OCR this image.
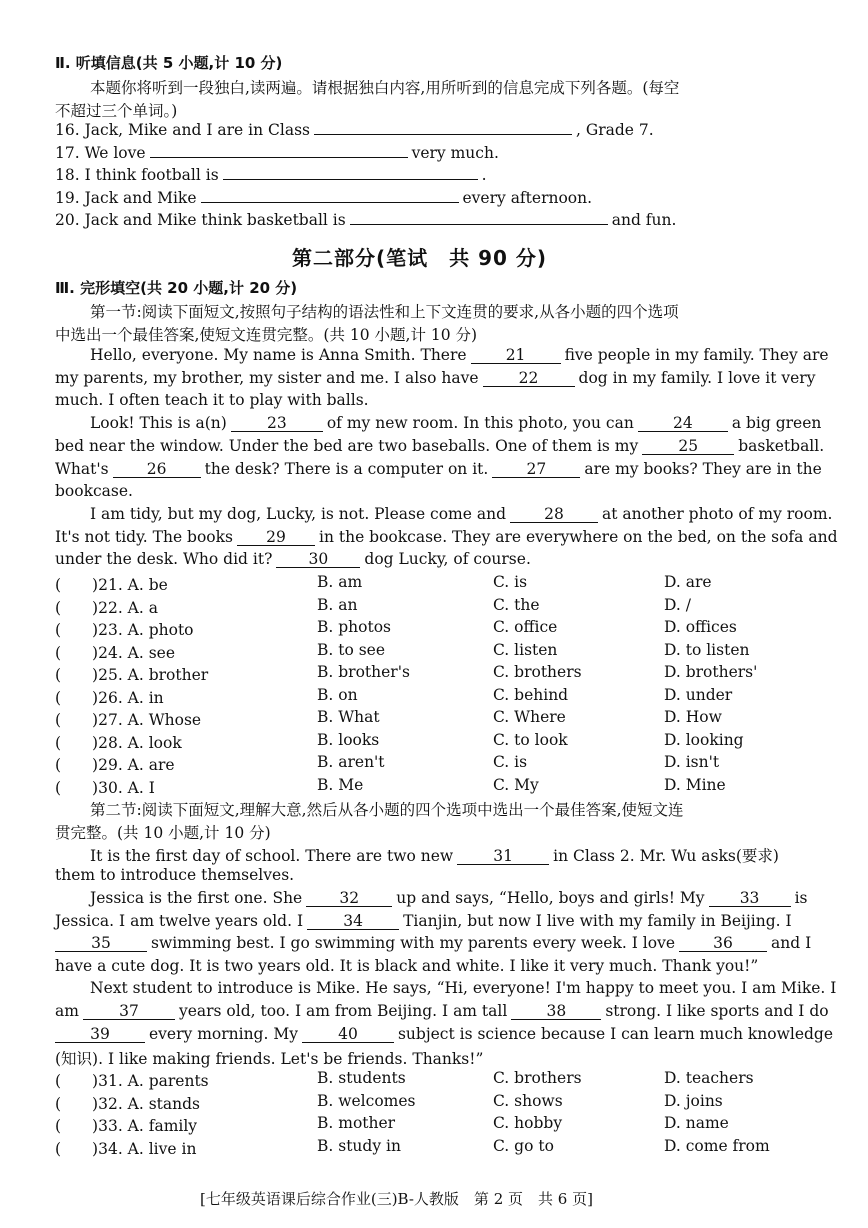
Ⅱ. 听填信息(共 5 小题,计 10 分)
本题你将听到一段独白,读两遍。请根据独白内容,用所听到的信息完成下列各题。(每空
不超过三个单词。)
16. Jack, Mike and I are in Class	, Grade 7.
17. We love	very much.
18. I think football is	.
19. Jack and Mike	every afternoon.
20. Jack and Mike think basketball is	and fun.
第二部分(笔试　共 90 分)
Ⅲ. 完形填空(共 20 小题,计 20 分)
第一节:阅读下面短文,按照句子结构的语法性和上下文连贯的要求,从各小题的四个选项
中选出一个最佳答案,使短文连贯完整。(共 10 小题,计 10 分)
Hello, everyone. My name is Anna Smith. There	21	five people in my family. They are
my parents, my brother, my sister and me. I also have	22	dog in my family. I love it very
much. I often teach it to play with balls.
Look! This is a(n)	23	of my new room. In this photo, you can	24	a big green
bed near the window. Under the bed are two baseballs. One of them is my	25	basketball.
What's 26 the desk? There is a computer on it. 27 are my books? They are in the
bookcase.
I am tidy, but my dog, Lucky, is not. Please come and 28 at another photo of my room.
It's not tidy. The books 29 in the bookcase. They are everywhere on the bed, on the sofa and
under the desk. Who did it? 30 dog Lucky, of course.
(　　)21. A. be	B. am	C. is	D. are
(　　)22. A. a	B. an	C. the	D. /
(　　)23. A. photo	B. photos	C. office	D. offices
(　　)24. A. see	B. to see	C. listen	D. to listen
(　　)25. A. brother	B. brother's	C. brothers	D. brothers'
(　　)26. A. in	B. on	C. behind	D. under
(　　)27. A. Whose	B. What	C. Where	D. How
(　　)28. A. look	B. looks	C. to look	D. looking
(　　)29. A. are	B. aren't	C. is	D. isn't
(　　)30. A. I	B. Me	C. My	D. Mine
第二节:阅读下面短文,理解大意,然后从各小题的四个选项中选出一个最佳答案,使短文连
贯完整。(共 10 小题,计 10 分)
It is the first day of school. There are two new	31	in Class 2. Mr. Wu asks(要求)
them to introduce themselves.
Jessica is the first one. She 32 up and says, “Hello, boys and girls! My 33 is
Jessica. I am twelve years old. I	34	Tianjin, but now I live with my family in Beijing. I
35	swimming best. I go swimming with my parents every week. I love 36 and I
have a cute dog. It is two years old. It is black and white. I like it very much. Thank you!”
Next student to introduce is Mike. He says, “Hi, everyone! I'm happy to meet you. I am Mike. I
am	37	years old, too. I am from Beijing. I am tall	38	strong. I like sports and I do
39	every morning. My	40	subject is science because I can learn much knowledge
(知识). I like making friends. Let's be friends. Thanks!”
(　　)31. A. parents	B. students	C. brothers	D. teachers
(　　)32. A. stands	B. welcomes	C. shows	D. joins
(　　)33. A. family	B. mother	C. hobby	D. name
(　　)34. A. live in	B. study in	C. go to	D. come from
[七年级英语课后综合作业(三)B-人教版　第 2 页　共 6 页]
